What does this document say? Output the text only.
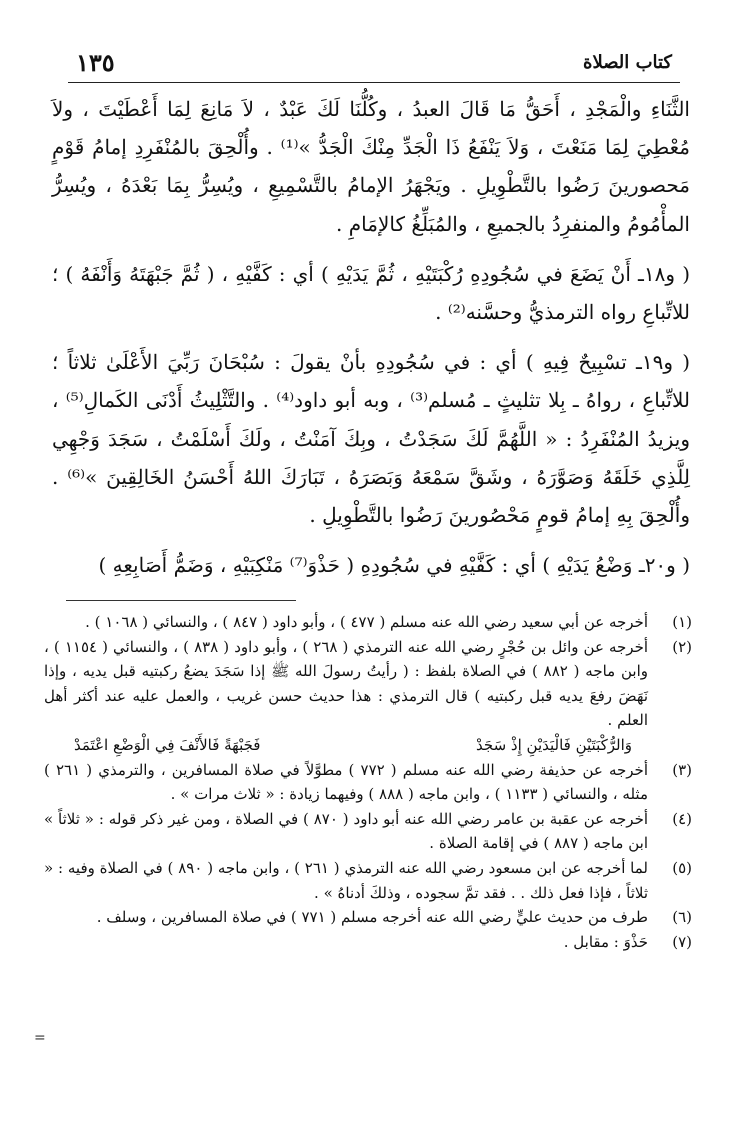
١٣٥	كتاب الصلاة

الثَّنَاءِ والْمَجْدِ ، أَحَقُّ مَا قَالَ العبدُ ، وكُلُّنَا لَكَ عَبْدٌ ، لاَ مَانِعَ لِمَا أَعْطَيْتَ ، ولاَ مُعْطِيَ لِمَا مَنَعْتَ ، وَلاَ يَنْفَعُ ذَا الْجَدِّ مِنْكَ الْجَدُّ »⁽¹⁾ . وأُلْحِقَ بالمُنْفَرِدِ إمامُ قَوْمٍ مَحصورينَ رَضُوا بالتَّطْوِيلِ . ويَجْهَرُ الإمامُ بالتَّسْمِيعِ ، ويُسِرُّ بِمَا بَعْدَهُ ، ويُسِرُّ المأْمُومُ والمنفرِدُ بالجميعِ ، والمُبَلِّغُ كالإمَامِ .

( و١٨ـ أَنْ يَضَعَ في سُجُودِهِ رُكْبَتَيْهِ ، ثُمَّ يَدَيْهِ ) أي : كَفَّيْهِ ، ( ثُمَّ جَبْهَتَهُ وَأَنْفَهُ ) ؛ للاتِّباعِ رواه الترمذيُّ وحسَّنه⁽²⁾ .

( و١٩ـ تسْبِيحٌ فِيهِ ) أي : في سُجُودِهِ بأنْ يقولَ : سُبْحَانَ رَبِّيَ الأَعْلَىٰ ثلاثاً ؛ للاتِّباعِ ، رواهُ ـ بِلا تثليثٍ ـ مُسلم⁽³⁾ ، وبه أبو داود⁽⁴⁾ . والتَّثْلِيثُ أَدْنَى الكَمالِ⁽⁵⁾ ، ويزيدُ المُنْفَرِدُ : « اللَّهُمَّ لَكَ سَجَدْتُ ، وبِكَ آمَنْتُ ، ولَكَ أَسْلَمْتُ ، سَجَدَ وَجْهِي لِلَّذِي خَلَقَهُ وَصَوَّرَهُ ، وشَقَّ سَمْعَهُ وَبَصَرَهُ ، تَبَارَكَ اللهُ أَحْسَنُ الخَالِقِينَ »⁽⁶⁾ . وأُلْحِقَ بِهِ إمامُ قومٍ مَحْصُورينَ رَضُوا بالتَّطْوِيلِ .

( و٢٠ـ وَضْعُ يَدَيْهِ ) أي : كَفَّيْهِ في سُجُودِهِ ( حَذْوَ⁽⁷⁾ مَنْكِبَيْهِ ، وَضَمُّ أَصَابِعِهِ )

(١)
أخرجه عن أبي سعيد رضي الله عنه مسلم ( ٤٧٧ ) ، وأبو داود ( ٨٤٧ ) ، والنسائي ( ١٠٦٨ ) .
(٢)
أخرجه عن وائل بن حُجْرٍ رضي الله عنه الترمذي ( ٢٦٨ ) ، وأبو داود ( ٨٣٨ ) ، والنسائي ( ١١٥٤ ) ، وابن ماجه ( ٨٨٢ ) في الصلاة بلفظ : ( رأيتُ رسولَ الله ﷺ إذا سَجَدَ يضعُ ركبتيه قبل يديه ، وإذا نَهَضَ رفعَ يديه قبل ركبتيه ) قال الترمذي : هذا حديث حسن غريب ، والعمل عليه عند أكثر أهل العلم .
وَالرُّكْبَتَيْنِ فَالْيَدَيْنِ إِذْ سَجَدْ
فَجَبْهَةً فَالأَنْفَ فِي الْوَضْعِ اعْتَمَدْ
(٣)
أخرجه عن حذيفة رضي الله عنه مسلم ( ٧٧٢ ) مطوَّلاً في صلاة المسافرين ، والترمذي ( ٢٦١ ) مثله ، والنسائي ( ١١٣٣ ) ، وابن ماجه ( ٨٨٨ ) وفيهما زيادة : « ثلاث مرات » .
(٤)
أخرجه عن عقبة بن عامر رضي الله عنه أبو داود ( ٨٧٠ ) في الصلاة ، ومن غير ذكر قوله : « ثلاثاً » ابن ماجه ( ٨٨٧ ) في إقامة الصلاة .
(٥)
لما أخرجه عن ابن مسعود رضي الله عنه الترمذي ( ٢٦١ ) ، وابن ماجه ( ٨٩٠ ) في الصلاة وفيه : « ثلاثاً ، فإذا فعل ذلك . . فقد تمَّ سجوده ، وذلكَ أدناهُ » .
(٦)
طرف من حديث عليٍّ رضي الله عنه أخرجه مسلم ( ٧٧١ ) في صلاة المسافرين ، وسلف .
(٧)
حَذْوَ : مقابل .
=
